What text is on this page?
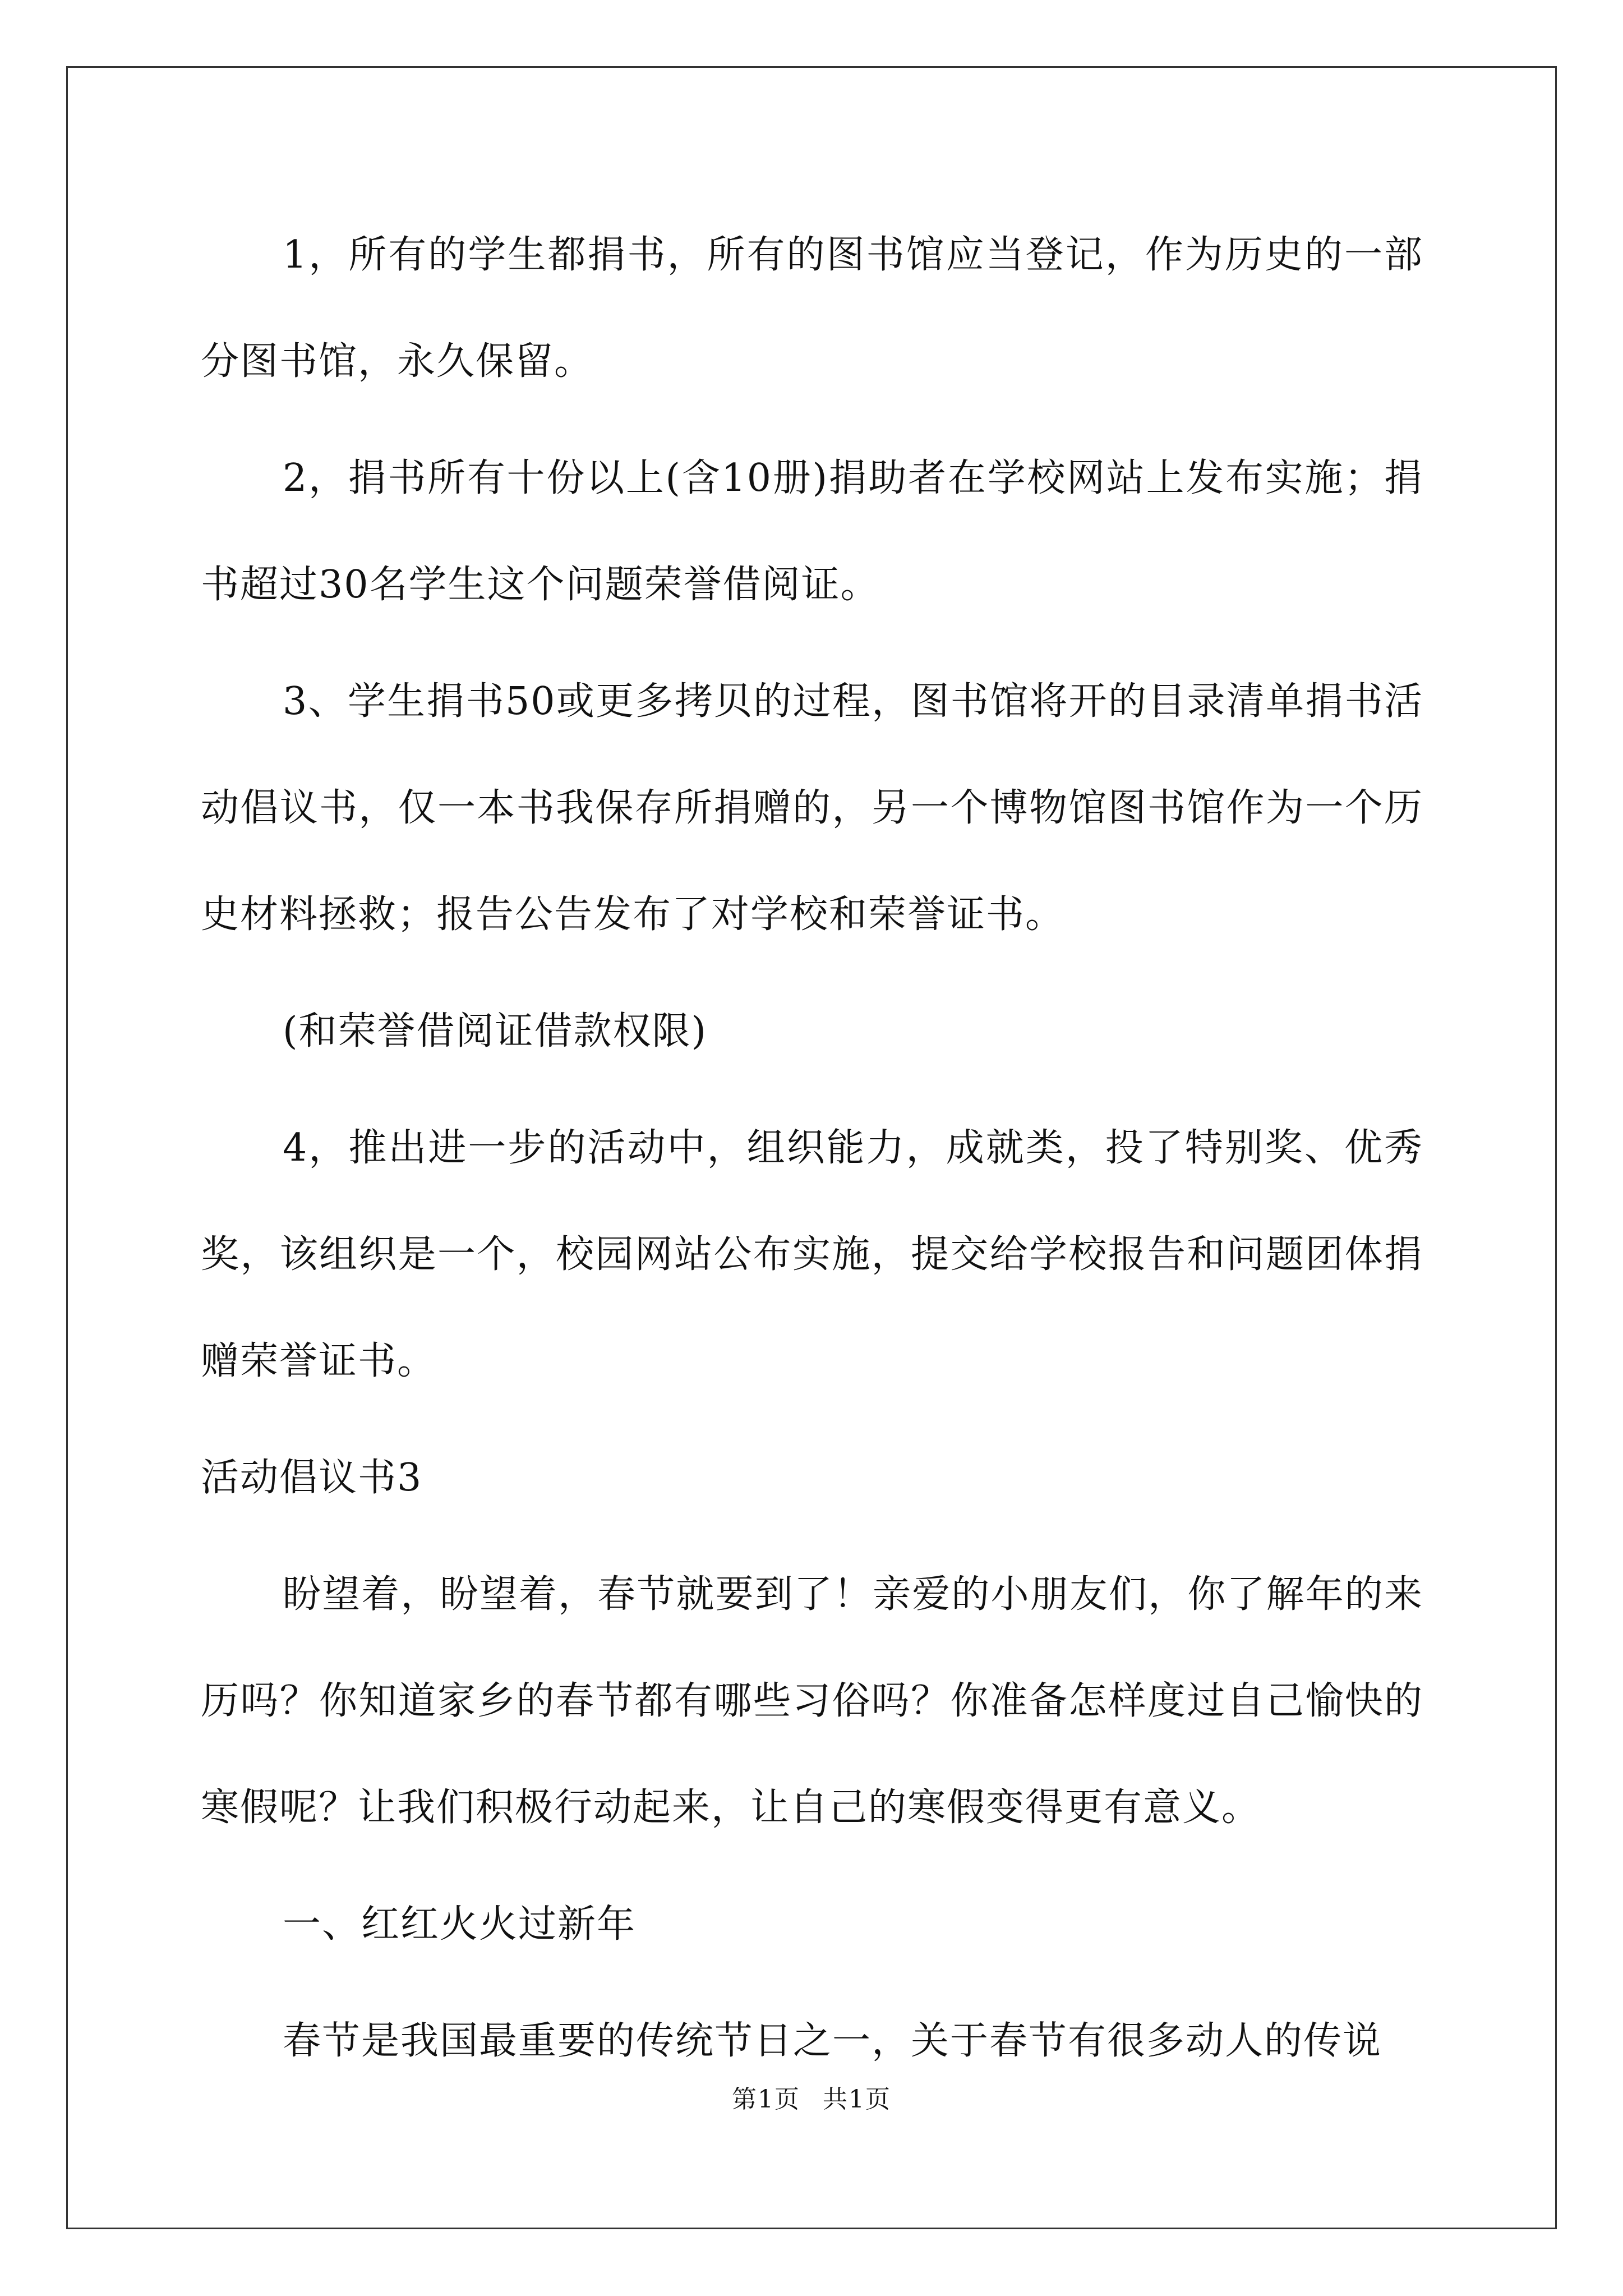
1，所有的学生都捐书，所有的图书馆应当登记，作为历史的一部分图书馆，永久保留。

2，捐书所有十份以上(含10册)捐助者在学校网站上发布实施；捐书超过30名学生这个问题荣誉借阅证。

3、学生捐书50或更多拷贝的过程，图书馆将开的目录清单捐书活动倡议书，仅一本书我保存所捐赠的，另一个博物馆图书馆作为一个历史材料拯救；报告公告发布了对学校和荣誉证书。

(和荣誉借阅证借款权限)

4，推出进一步的活动中，组织能力，成就类，投了特别奖、优秀奖，该组织是一个，校园网站公布实施，提交给学校报告和问题团体捐赠荣誉证书。

活动倡议书3

盼望着，盼望着，春节就要到了！亲爱的小朋友们，你了解年的来历吗？你知道家乡的春节都有哪些习俗吗？你准备怎样度过自己愉快的寒假呢？让我们积极行动起来，让自己的寒假变得更有意义。

一、红红火火过新年

春节是我国最重要的传统节日之一，关于春节有很多动人的传说

第1页 共1页
